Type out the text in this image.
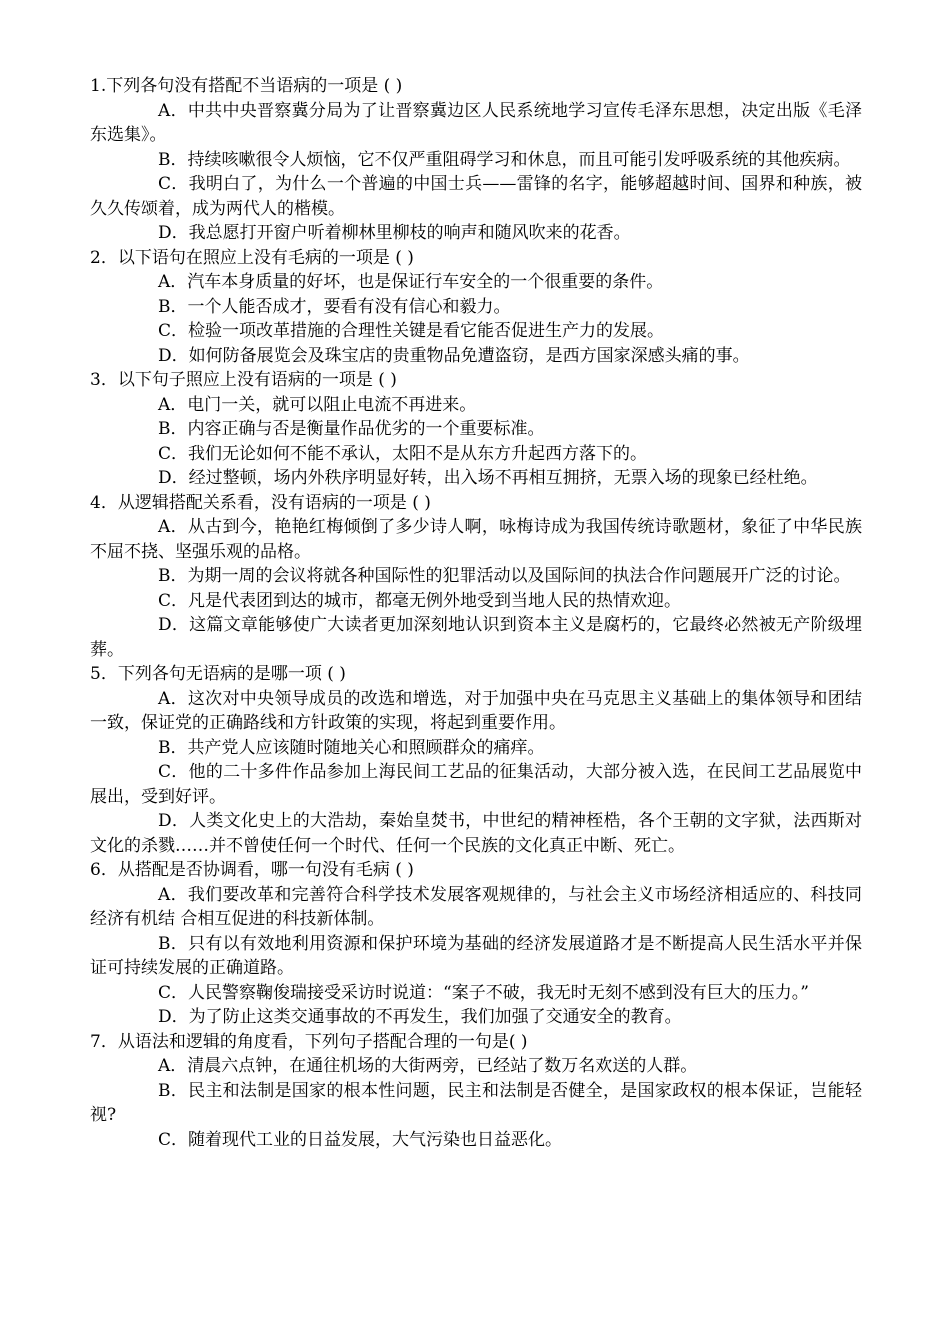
1.下列各句没有搭配不当语病的一项是 ( )

A．中共中央晋察冀分局为了让晋察冀边区人民系统地学习宣传毛泽东思想，决定出版《毛泽东选集》。

B．持续咳嗽很令人烦恼，它不仅严重阻碍学习和休息，而且可能引发呼吸系统的其他疾病。

C．我明白了，为什么一个普遍的中国士兵——雷锋的名字，能够超越时间、国界和种族，被久久传颂着，成为两代人的楷模。

D．我总愿打开窗户听着柳林里柳枝的响声和随风吹来的花香。

2．以下语句在照应上没有毛病的一项是 ( )

A．汽车本身质量的好坏，也是保证行车安全的一个很重要的条件。

B．一个人能否成才，要看有没有信心和毅力。

C．检验一项改革措施的合理性关键是看它能否促进生产力的发展。

D．如何防备展览会及珠宝店的贵重物品免遭盗窃，是西方国家深感头痛的事。

3．以下句子照应上没有语病的一项是 ( )

A．电门一关，就可以阻止电流不再进来。

B．内容正确与否是衡量作品优劣的一个重要标准。

C．我们无论如何不能不承认，太阳不是从东方升起西方落下的。

D．经过整顿，场内外秩序明显好转，出入场不再相互拥挤，无票入场的现象已经杜绝。

4．从逻辑搭配关系看，没有语病的一项是 ( )

A．从古到今，艳艳红梅倾倒了多少诗人啊，咏梅诗成为我国传统诗歌题材，象征了中华民族不屈不挠、坚强乐观的品格。

B．为期一周的会议将就各种国际性的犯罪活动以及国际间的执法合作问题展开广泛的讨论。

C．凡是代表团到达的城市，都毫无例外地受到当地人民的热情欢迎。

D．这篇文章能够使广大读者更加深刻地认识到资本主义是腐朽的，它最终必然被无产阶级埋葬。

5．下列各句无语病的是哪一项 ( )

A．这次对中央领导成员的改选和增选，对于加强中央在马克思主义基础上的集体领导和团结一致，保证党的正确路线和方针政策的实现，将起到重要作用。

B．共产党人应该随时随地关心和照顾群众的痛痒。

C．他的二十多件作品参加上海民间工艺品的征集活动，大部分被入选，在民间工艺品展览中展出，受到好评。

D．人类文化史上的大浩劫，秦始皇焚书，中世纪的精神桎梏，各个王朝的文字狱，法西斯对文化的杀戮……并不曾使任何一个时代、任何一个民族的文化真正中断、死亡。

6．从搭配是否协调看，哪一句没有毛病 ( )

A．我们要改革和完善符合科学技术发展客观规律的，与社会主义市场经济相适应的、科技同经济有机结 合相互促进的科技新体制。

B．只有以有效地利用资源和保护环境为基础的经济发展道路才是不断提高人民生活水平并保证可持续发展的正确道路。

C．人民警察鞠俊瑞接受采访时说道：“案子不破，我无时无刻不感到没有巨大的压力。”

D．为了防止这类交通事故的不再发生，我们加强了交通安全的教育。

7．从语法和逻辑的角度看，下列句子搭配合理的一句是( )

A．清晨六点钟，在通往机场的大街两旁，已经站了数万名欢送的人群。

B．民主和法制是国家的根本性问题，民主和法制是否健全，是国家政权的根本保证，岂能轻视?

C．随着现代工业的日益发展，大气污染也日益恶化。
